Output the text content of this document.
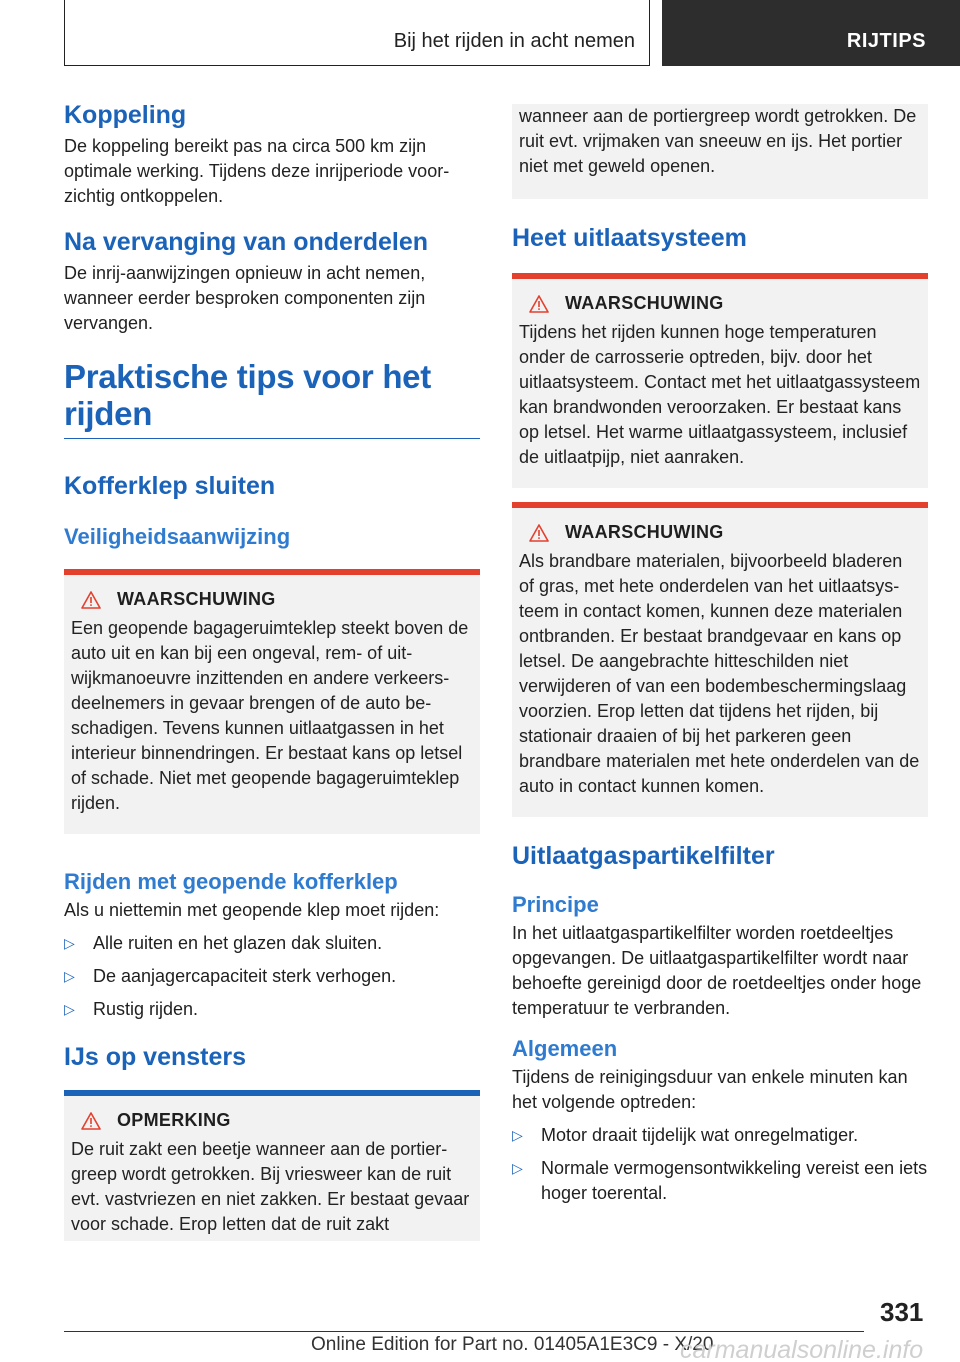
Bij het rijden in acht nemen	RIJTIPS
Koppeling
De koppeling bereikt pas na circa 500 km zijn optimale werking. Tijdens deze inrijperiode voorzichtig ontkoppelen.
Na vervanging van onderdelen
De inrij-aanwijzingen opnieuw in acht nemen, wanneer eerder besproken componenten zijn vervangen.
Praktische tips voor het rijden
Kofferklep sluiten
Veiligheidsaanwijzing
WAARSCHUWING
Een geopende bagageruimteklep steekt boven de auto uit en kan bij een ongeval, rem- of uitwijkmanoeuvre inzittenden en andere verkeersdeelnemers in gevaar brengen of de auto beschadigen. Tevens kunnen uitlaatgassen in het interieur binnendringen. Er bestaat kans op letsel of schade. Niet met geopende bagageruimteklep rijden.
Rijden met geopende kofferklep
Als u niettemin met geopende klep moet rijden:
▷ Alle ruiten en het glazen dak sluiten.
▷ De aanjagercapaciteit sterk verhogen.
▷ Rustig rijden.
IJs op vensters
OPMERKING
De ruit zakt een beetje wanneer aan de portiergreep wordt getrokken. Bij vriesweer kan de ruit evt. vastvriezen en niet zakken. Er bestaat gevaar voor schade. Erop letten dat de ruit zakt
wanneer aan de portiergreep wordt getrokken. De ruit evt. vrijmaken van sneeuw en ijs. Het portier niet met geweld openen.
Heet uitlaatsysteem
WAARSCHUWING
Tijdens het rijden kunnen hoge temperaturen onder de carrosserie optreden, bijv. door het uitlaatsysteem. Contact met het uitlaatgassysteem kan brandwonden veroorzaken. Er bestaat kans op letsel. Het warme uitlaatgassysteem, inclusief de uitlaatpijp, niet aanraken.
WAARSCHUWING
Als brandbare materialen, bijvoorbeeld bladeren of gras, met hete onderdelen van het uitlaatsysteem in contact komen, kunnen deze materialen ontbranden. Er bestaat brandgevaar en kans op letsel. De aangebrachte hitteschilden niet verwijderen of van een bodembeschermingslaag voorzien. Erop letten dat tijdens het rijden, bij stationair draaien of bij het parkeren geen brandbare materialen met hete onderdelen van de auto in contact kunnen komen.
Uitlaatgaspartikelfilter
Principe
In het uitlaatgaspartikelfilter worden roetdeeltjes opgevangen. De uitlaatgaspartikelfilter wordt naar behoefte gereinigd door de roetdeeltjes onder hoge temperatuur te verbranden.
Algemeen
Tijdens de reinigingsduur van enkele minuten kan het volgende optreden:
▷ Motor draait tijdelijk wat onregelmatiger.
▷ Normale vermogensontwikkeling vereist een iets hoger toerental.
331
Online Edition for Part no. 01405A1E3C9 - X/20
carmanualsonline.info
